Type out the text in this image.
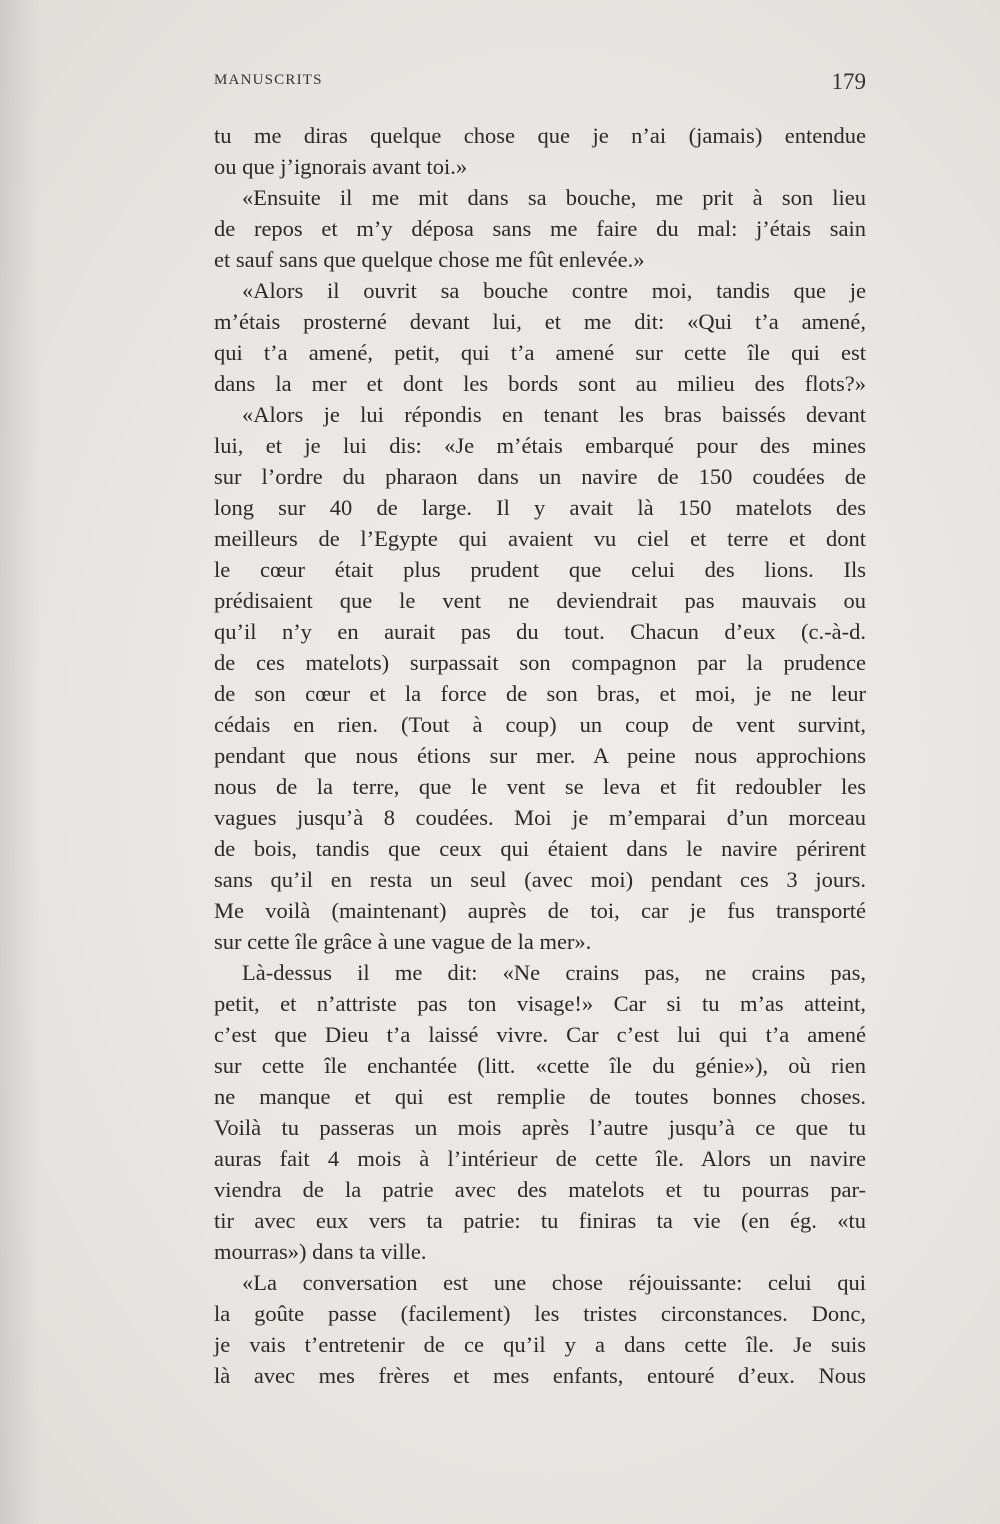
MANUSCRITS	179
tu me diras quelque chose que je n’ai (jamais) entendue
ou que j’ignorais avant toi.»
«Ensuite il me mit dans sa bouche, me prit à son lieu
de repos et m’y déposa sans me faire du mal: j’étais sain
et sauf sans que quelque chose me fût enlevée.»
«Alors il ouvrit sa bouche contre moi, tandis que je
m’étais prosterné devant lui, et me dit: «Qui t’a amené,
qui t’a amené, petit, qui t’a amené sur cette île qui est
dans la mer et dont les bords sont au milieu des flots?»
«Alors je lui répondis en tenant les bras baissés devant
lui, et je lui dis: «Je m’étais embarqué pour des mines
sur l’ordre du pharaon dans un navire de 150 coudées de
long sur 40 de large. Il y avait là 150 matelots des
meilleurs de l’Egypte qui avaient vu ciel et terre et dont
le cœur était plus prudent que celui des lions. Ils
prédisaient que le vent ne deviendrait pas mauvais ou
qu’il n’y en aurait pas du tout. Chacun d’eux (c.-à-d.
de ces matelots) surpassait son compagnon par la prudence
de son cœur et la force de son bras, et moi, je ne leur
cédais en rien. (Tout à coup) un coup de vent survint,
pendant que nous étions sur mer. A peine nous approchions
nous de la terre, que le vent se leva et fit redoubler les
vagues jusqu’à 8 coudées. Moi je m’emparai d’un morceau
de bois, tandis que ceux qui étaient dans le navire périrent
sans qu’il en resta un seul (avec moi) pendant ces 3 jours.
Me voilà (maintenant) auprès de toi, car je fus transporté
sur cette île grâce à une vague de la mer».
Là-dessus il me dit: «Ne crains pas, ne crains pas,
petit, et n’attriste pas ton visage!» Car si tu m’as atteint,
c’est que Dieu t’a laissé vivre. Car c’est lui qui t’a amené
sur cette île enchantée (litt. «cette île du génie»), où rien
ne manque et qui est remplie de toutes bonnes choses.
Voilà tu passeras un mois après l’autre jusqu’à ce que tu
auras fait 4 mois à l’intérieur de cette île. Alors un navire
viendra de la patrie avec des matelots et tu pourras par-
tir avec eux vers ta patrie: tu finiras ta vie (en ég. «tu
mourras») dans ta ville.
«La conversation est une chose réjouissante: celui qui
la goûte passe (facilement) les tristes circonstances. Donc,
je vais t’entretenir de ce qu’il y a dans cette île. Je suis
là avec mes frères et mes enfants, entouré d’eux. Nous
